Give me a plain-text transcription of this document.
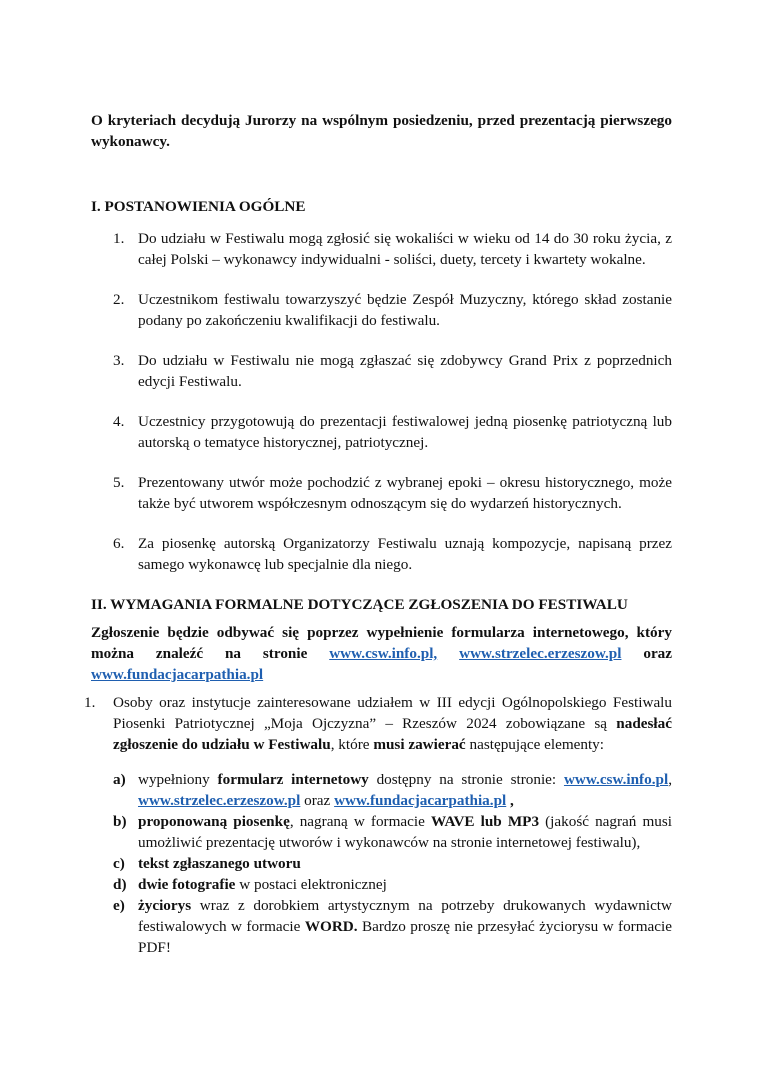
O kryteriach decydują Jurorzy na wspólnym posiedzeniu, przed prezentacją pierwszego wykonawcy.

I. POSTANOWIENIA OGÓLNE

1. Do udziału w Festiwalu mogą zgłosić się wokaliści w wieku od 14 do 30 roku życia, z całej Polski – wykonawcy indywidualni - soliści, duety, tercety i kwartety wokalne.
2. Uczestnikom festiwalu towarzyszyć będzie Zespół Muzyczny, którego skład zostanie podany po zakończeniu kwalifikacji do festiwalu.
3. Do udziału w Festiwalu nie mogą zgłaszać się zdobywcy Grand Prix z poprzednich edycji Festiwalu.
4. Uczestnicy przygotowują do prezentacji festiwalowej jedną piosenkę patriotyczną lub autorską o tematyce historycznej, patriotycznej.
5. Prezentowany utwór może pochodzić z wybranej epoki – okresu historycznego, może także być utworem współczesnym odnoszącym się do wydarzeń historycznych.
6. Za piosenkę autorską Organizatorzy Festiwalu uznają kompozycje, napisaną przez samego wykonawcę lub specjalnie dla niego.

II. WYMAGANIA FORMALNE DOTYCZĄCE ZGŁOSZENIA DO FESTIWALU

Zgłoszenie będzie odbywać się poprzez wypełnienie formularza internetowego, który można znaleźć na stronie www.csw.info.pl, www.strzelec.erzeszow.pl oraz

www.fundacjacarpathia.pl

1. Osoby oraz instytucje zainteresowane udziałem w III edycji Ogólnopolskiego Festiwalu Piosenki Patriotycznej „Moja Ojczyzna” – Rzeszów 2024 zobowiązane są nadesłać zgłoszenie do udziału w Festiwalu, które musi zawierać następujące elementy:
a) wypełniony formularz internetowy dostępny na stronie stronie: www.csw.info.pl, www.strzelec.erzeszow.pl oraz www.fundacjacarpathia.pl ,
b) proponowaną piosenkę, nagraną w formacie WAVE lub MP3 (jakość nagrań musi umożliwić prezentację utworów i wykonawców na stronie internetowej festiwalu),
c) tekst zgłaszanego utworu
d) dwie fotografie w postaci elektronicznej
e) życiorys wraz z dorobkiem artystycznym na potrzeby drukowanych wydawnictw festiwalowych w formacie WORD. Bardzo proszę nie przesyłać życiorysu w formacie PDF!
